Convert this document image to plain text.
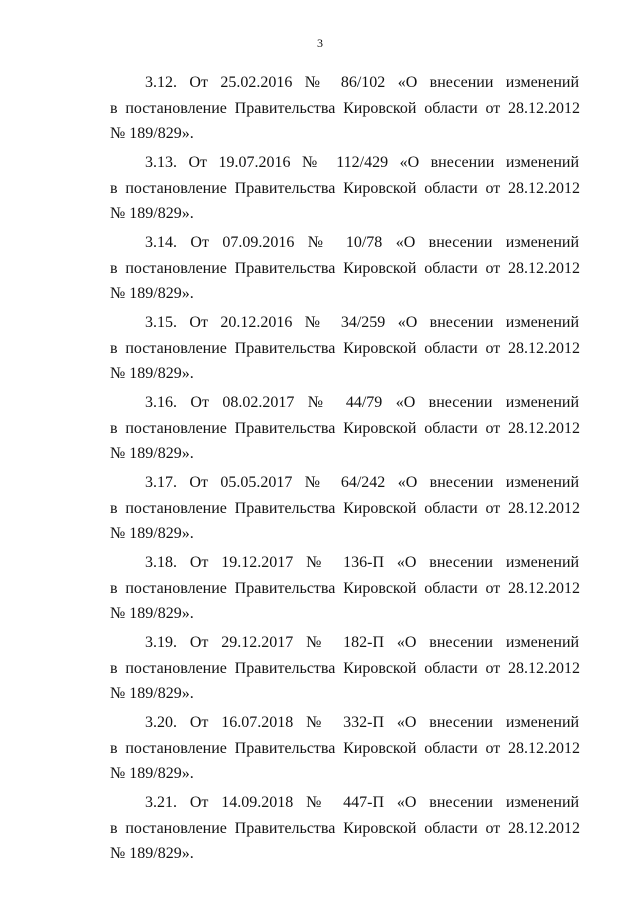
3
3.12. От 25.02.2016 № 86/102 «О внесении изменений
в постановление Правительства Кировской области от 28.12.2012
№ 189/829».
3.13. От 19.07.2016 № 112/429 «О внесении изменений
в постановление Правительства Кировской области от 28.12.2012
№ 189/829».
3.14. От 07.09.2016 № 10/78 «О внесении изменений
в постановление Правительства Кировской области от 28.12.2012
№ 189/829».
3.15. От 20.12.2016 № 34/259 «О внесении изменений
в постановление Правительства Кировской области от 28.12.2012
№ 189/829».
3.16. От 08.02.2017 № 44/79 «О внесении изменений
в постановление Правительства Кировской области от 28.12.2012
№ 189/829».
3.17. От 05.05.2017 № 64/242 «О внесении изменений
в постановление Правительства Кировской области от 28.12.2012
№ 189/829».
3.18. От 19.12.2017 № 136-П «О внесении изменений
в постановление Правительства Кировской области от 28.12.2012
№ 189/829».
3.19. От 29.12.2017 № 182-П «О внесении изменений
в постановление Правительства Кировской области от 28.12.2012
№ 189/829».
3.20. От 16.07.2018 № 332-П «О внесении изменений
в постановление Правительства Кировской области от 28.12.2012
№ 189/829».
3.21. От 14.09.2018 № 447-П «О внесении изменений
в постановление Правительства Кировской области от 28.12.2012
№ 189/829».
